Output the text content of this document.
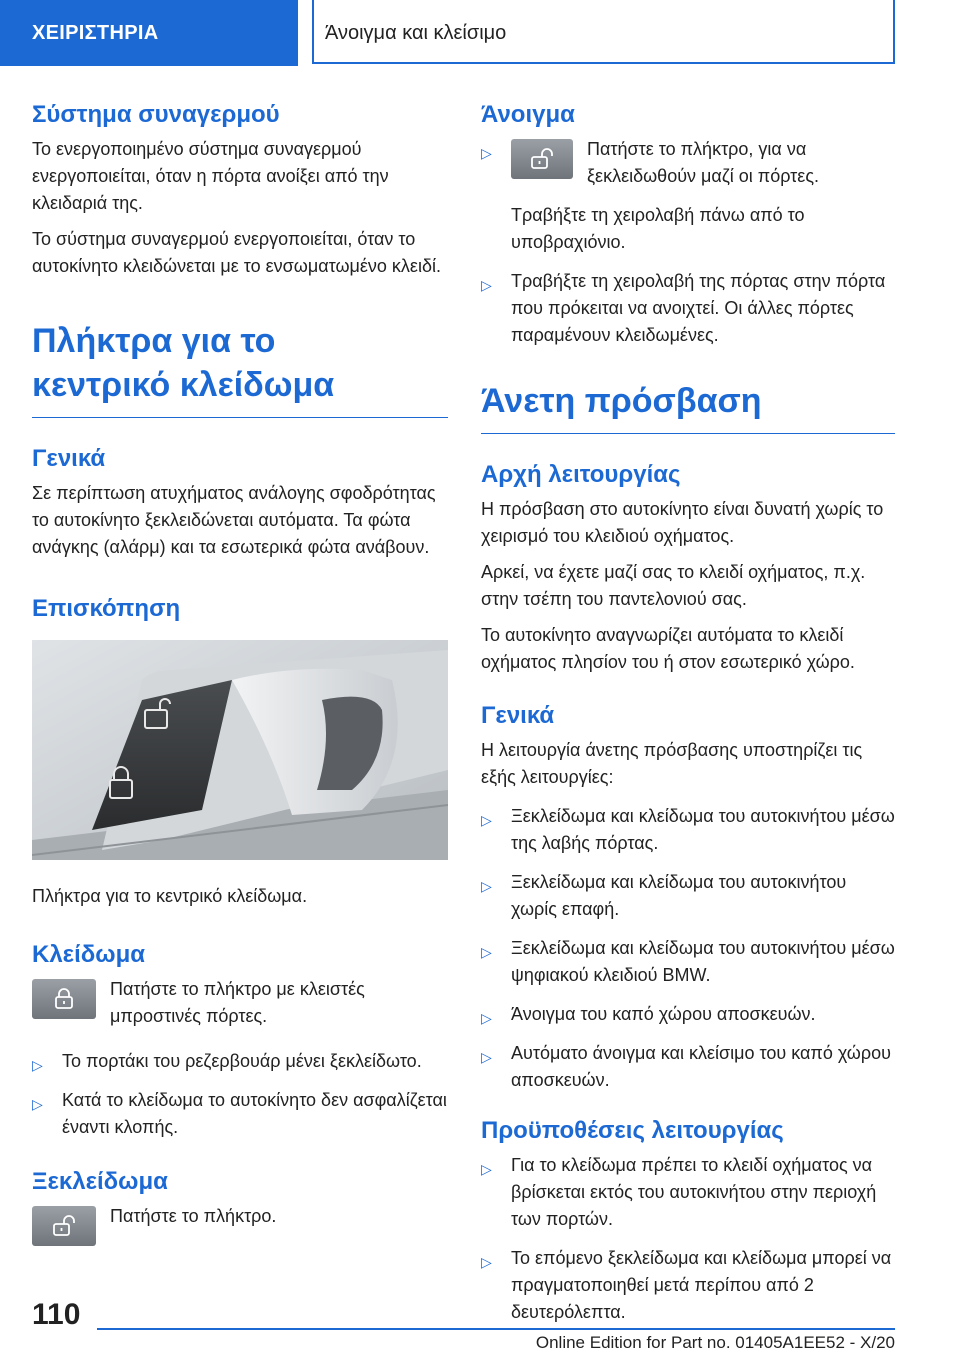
ΧΕΙΡΙΣΤΗΡΙΑ	Άνοιγμα και κλείσιμο
Σύστημα συναγερμού

Το ενεργοποιημένο σύστημα συναγερμού ενεργοποιείται, όταν η πόρτα ανοίξει από την κλειδαριά της.

Το σύστημα συναγερμού ενεργοποιείται, όταν το αυτοκίνητο κλειδώνεται με το ενσωματωμένο κλειδί.

Πλήκτρα για το κεντρικό κλείδωμα
Γενικά

Σε περίπτωση ατυχήματος ανάλογης σφοδρότητας το αυτοκίνητο ξεκλειδώνεται αυτόματα. Τα φώτα ανάγκης (αλάρμ) και τα εσωτερικά φώτα ανάβουν.

Επισκόπηση

Πλήκτρα για το κεντρικό κλείδωμα.

Κλείδωμα

Πατήστε το πλήκτρο με κλειστές μπροστινές πόρτες.

▷ Το πορτάκι του ρεζερβουάρ μένει ξεκλείδωτο.
▷ Κατά το κλείδωμα το αυτοκίνητο δεν ασφαλίζεται έναντι κλοπής.
Ξεκλείδωμα

Πατήστε το πλήκτρο.

Άνοιγμα
▷	Πατήστε το πλήκτρο, για να ξεκλειδωθούν μαζί οι πόρτες.

Τραβήξτε τη χειρολαβή πάνω από το υποβραχιόνιο.

▷ Τραβήξτε τη χειρολαβή της πόρτας στην πόρτα που πρόκειται να ανοιχτεί. Οι άλλες πόρτες παραμένουν κλειδωμένες.
Άνετη πρόσβαση
Αρχή λειτουργίας

Η πρόσβαση στο αυτοκίνητο είναι δυνατή χωρίς το χειρισμό του κλειδιού οχήματος.

Αρκεί, να έχετε μαζί σας το κλειδί οχήματος, π.χ. στην τσέπη του παντελονιού σας.

Το αυτοκίνητο αναγνωρίζει αυτόματα το κλειδί οχήματος πλησίον του ή στον εσωτερικό χώρο.

Γενικά

Η λειτουργία άνετης πρόσβασης υποστηρίζει τις εξής λειτουργίες:

▷ Ξεκλείδωμα και κλείδωμα του αυτοκινήτου μέσω της λαβής πόρτας.
▷ Ξεκλείδωμα και κλείδωμα του αυτοκινήτου χωρίς επαφή.
▷ Ξεκλείδωμα και κλείδωμα του αυτοκινήτου μέσω ψηφιακού κλειδιού BMW.
▷ Άνοιγμα του καπό χώρου αποσκευών.
▷ Αυτόματο άνοιγμα και κλείσιμο του καπό χώρου αποσκευών.
Προϋποθέσεις λειτουργίας
▷ Για το κλείδωμα πρέπει το κλειδί οχήματος να βρίσκεται εκτός του αυτοκινήτου στην περιοχή των πορτών.
▷ Το επόμενο ξεκλείδωμα και κλείδωμα μπορεί να πραγματοποιηθεί μετά περίπου από 2 δευτερόλεπτα.
110
Online Edition for Part no. 01405A1EE52 - X/20
